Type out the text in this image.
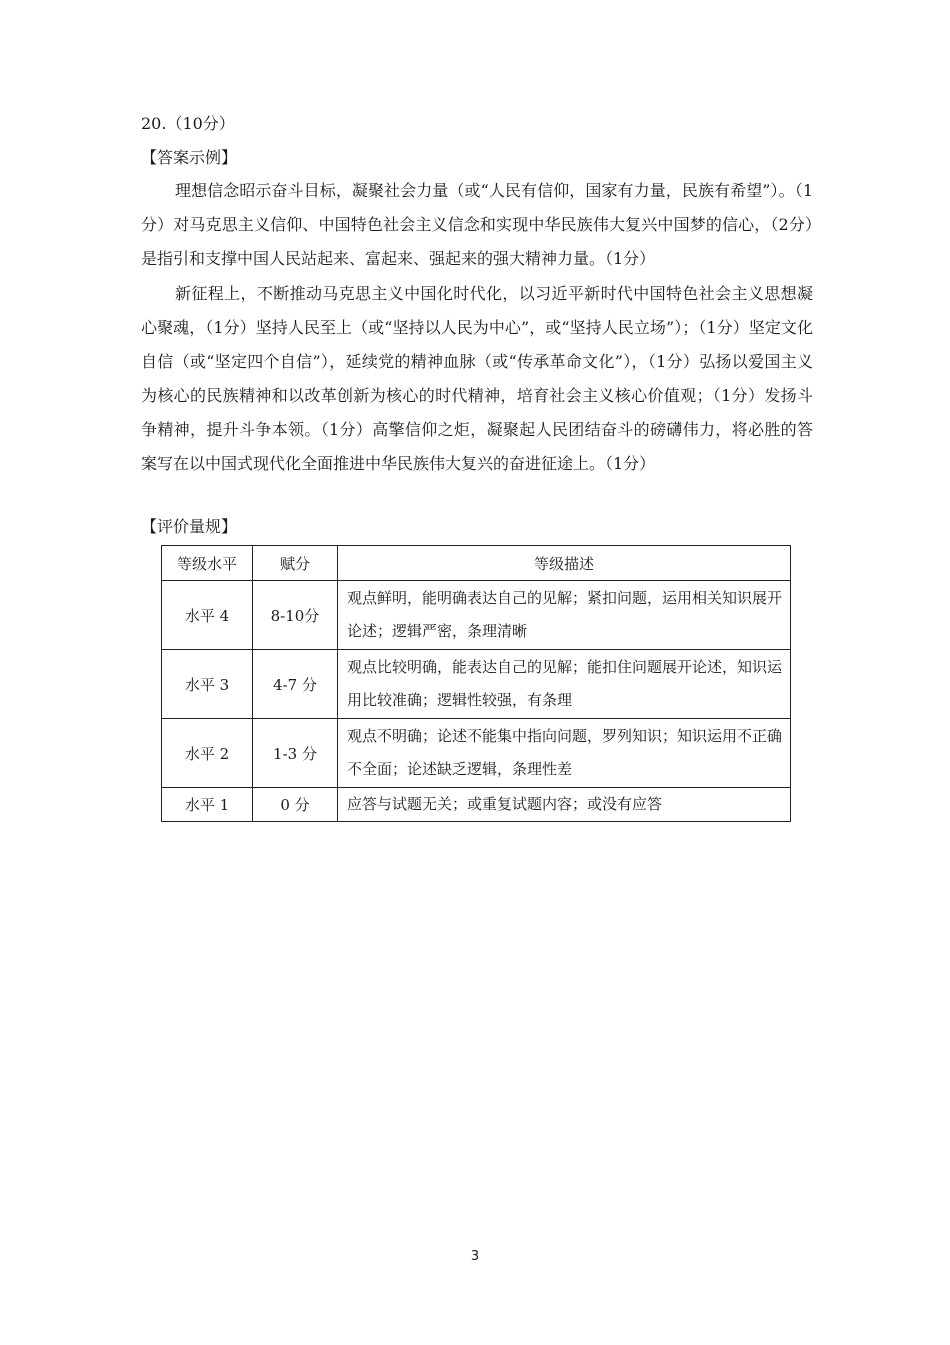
20.（10分）
【答案示例】
理想信念昭示奋斗目标，凝聚社会力量（或“人民有信仰，国家有力量，民族有希望”）。（1分）对马克思主义信仰、中国特色社会主义信念和实现中华民族伟大复兴中国梦的信心，（2分）是指引和支撑中国人民站起来、富起来、强起来的强大精神力量。（1分）
新征程上，不断推动马克思主义中国化时代化，以习近平新时代中国特色社会主义思想凝心聚魂，（1分）坚持人民至上（或“坚持以人民为中心”，或“坚持人民立场”）；（1分）坚定文化自信（或“坚定四个自信”），延续党的精神血脉（或“传承革命文化”），（1分）弘扬以爱国主义为核心的民族精神和以改革创新为核心的时代精神，培育社会主义核心价值观；（1分）发扬斗争精神，提升斗争本领。（1分）高擎信仰之炬，凝聚起人民团结奋斗的磅礴伟力，将必胜的答案写在以中国式现代化全面推进中华民族伟大复兴的奋进征途上。（1分）
【评价量规】
等级水平	赋分	等级描述
水平 4	8-10分	观点鲜明，能明确表达自己的见解；紧扣问题，运用相关知识展开论述；逻辑严密，条理清晰
水平 3	4-7 分	观点比较明确，能表达自己的见解；能扣住问题展开论述，知识运用比较准确；逻辑性较强，有条理
水平 2	1-3 分	观点不明确；论述不能集中指向问题，罗列知识；知识运用不正确不全面；论述缺乏逻辑，条理性差
水平 1	0 分	应答与试题无关；或重复试题内容；或没有应答
3
